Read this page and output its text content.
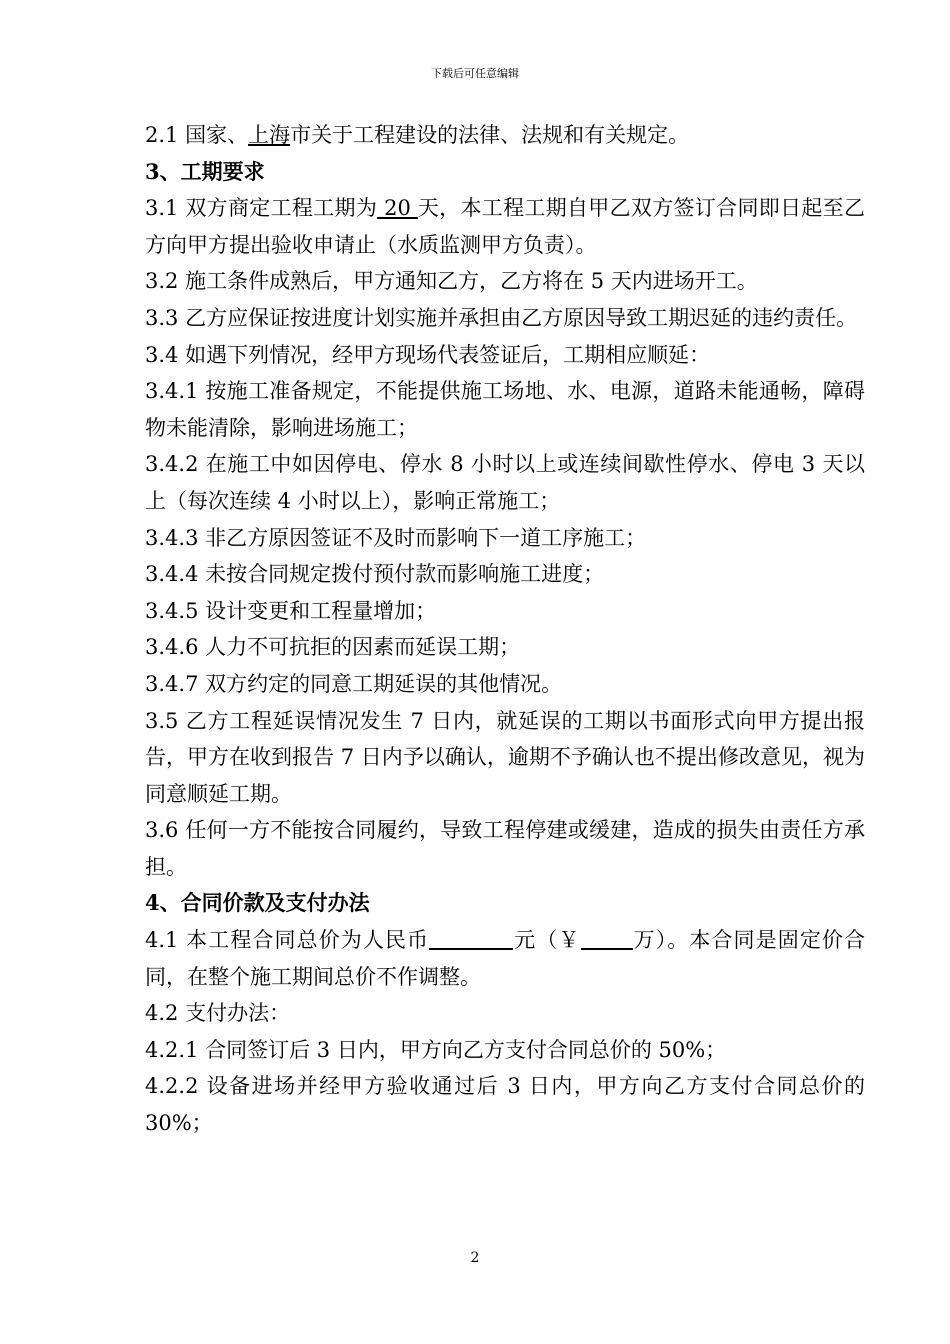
下载后可任意编辑

2.1 国家、上海市关于工程建设的法律、法规和有关规定。

3、工期要求

3.1 双方商定工程工期为 20 天，本工程工期自甲乙双方签订合同即日起至乙方向甲方提出验收申请止（水质监测甲方负责）。

3.2 施工条件成熟后，甲方通知乙方，乙方将在 5 天内进场开工。

3.3 乙方应保证按进度计划实施并承担由乙方原因导致工期迟延的违约责任。

3.4 如遇下列情况，经甲方现场代表签证后，工期相应顺延：

3.4.1 按施工准备规定，不能提供施工场地、水、电源，道路未能通畅，障碍物未能清除，影响进场施工；

3.4.2 在施工中如因停电、停水 8 小时以上或连续间歇性停水、停电 3 天以上（每次连续 4 小时以上），影响正常施工；

3.4.3 非乙方原因签证不及时而影响下一道工序施工；

3.4.4 未按合同规定拨付预付款而影响施工进度；

3.4.5 设计变更和工程量增加；

3.4.6 人力不可抗拒的因素而延误工期；

3.4.7 双方约定的同意工期延误的其他情况。

3.5 乙方工程延误情况发生 7 日内，就延误的工期以书面形式向甲方提出报告，甲方在收到报告 7 日内予以确认，逾期不予确认也不提出修改意见，视为同意顺延工期。

3.6 任何一方不能按合同履约，导致工程停建或缓建，造成的损失由责任方承担。

4、合同价款及支付办法

4.1 本工程合同总价为人民币	元（￥ 万）。本合同是固定价合同，在整个施工期间总价不作调整。

4.2 支付办法：

4.2.1 合同签订后 3 日内，甲方向乙方支付合同总价的 50%；

4.2.2 设备进场并经甲方验收通过后 3 日内，甲方向乙方支付合同总价的 30%；

2
